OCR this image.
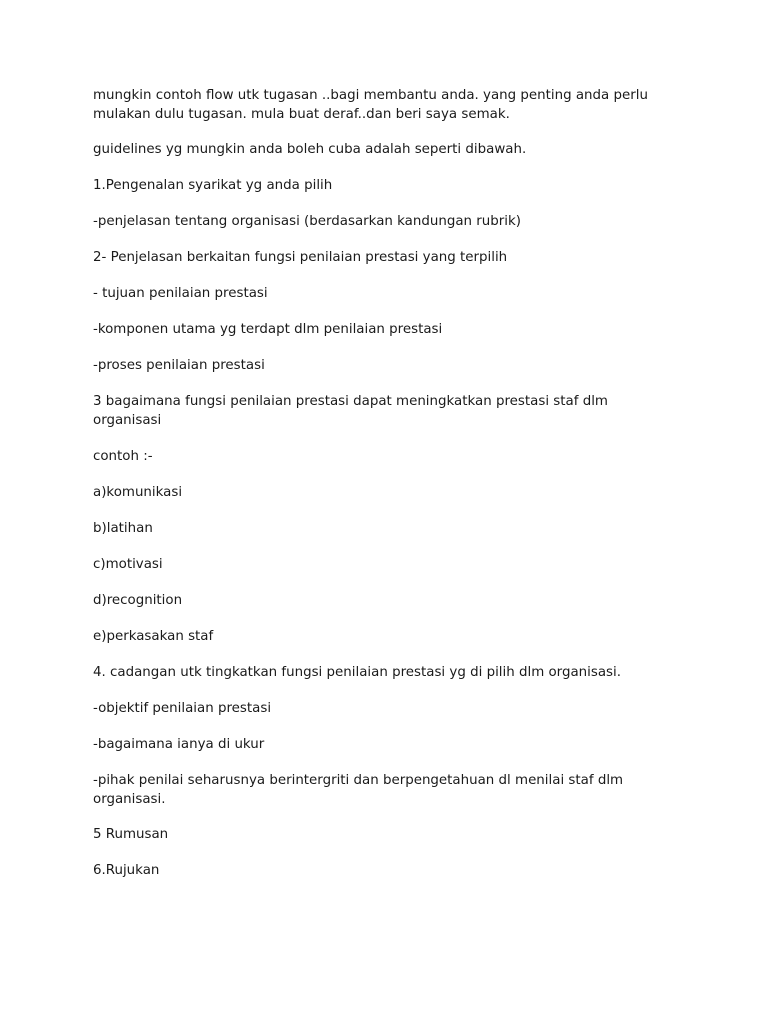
mungkin contoh flow utk tugasan ..bagi membantu anda. yang penting anda perlu mulakan dulu tugasan. mula buat deraf..dan beri saya semak.

guidelines yg mungkin anda boleh cuba adalah seperti dibawah.

1.Pengenalan syarikat yg anda pilih

-penjelasan tentang organisasi (berdasarkan kandungan rubrik)

2- Penjelasan berkaitan fungsi penilaian prestasi yang terpilih

- tujuan penilaian prestasi

-komponen utama yg terdapt dlm penilaian prestasi

-proses penilaian prestasi

3 bagaimana fungsi penilaian prestasi dapat meningkatkan prestasi staf dlm organisasi

contoh :-

a)komunikasi

b)latihan

c)motivasi

d)recognition

e)perkasakan staf

4. cadangan utk tingkatkan fungsi penilaian prestasi yg di pilih dlm organisasi.

-objektif penilaian prestasi

-bagaimana ianya di ukur

-pihak penilai seharusnya berintergriti dan berpengetahuan dl menilai staf dlm organisasi.

5 Rumusan

6.Rujukan
